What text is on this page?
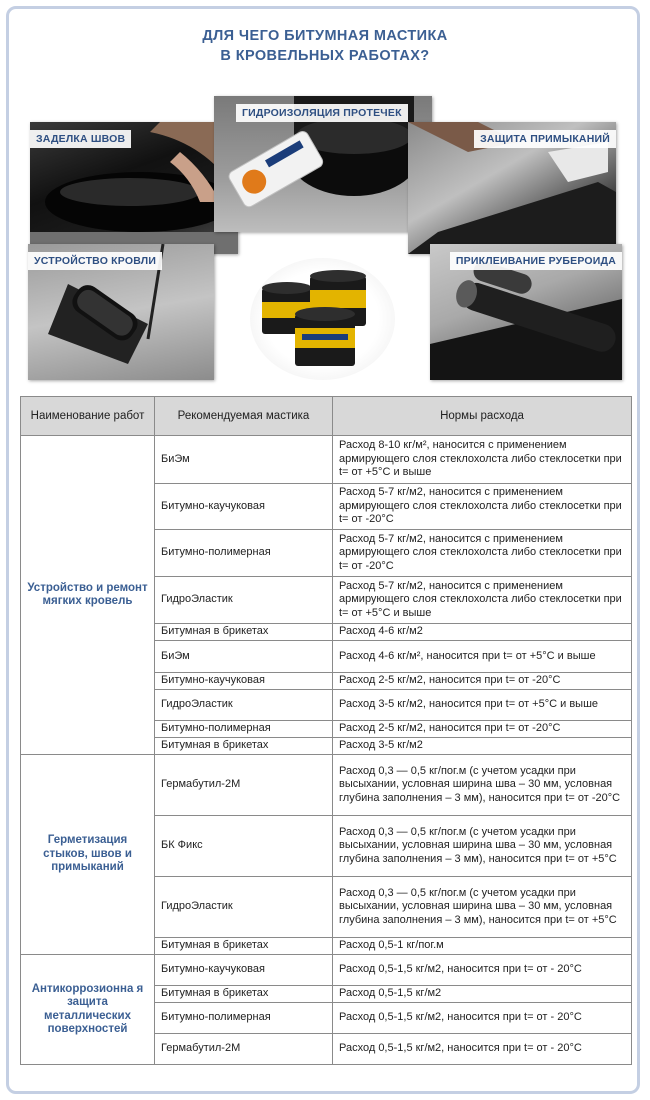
ДЛЯ ЧЕГО БИТУМНАЯ МАСТИКА
В КРОВЕЛЬНЫХ РАБОТАХ?
ЗАДЕЛКА ШВОВ
ГИДРОИЗОЛЯЦИЯ ПРОТЕЧЕК
ЗАЩИТА ПРИМЫКАНИЙ
УСТРОЙСТВО КРОВЛИ	ПРИКЛЕИВАНИЕ РУБЕРОИДА
Наименование работ	Рекомендуемая мастика	Нормы расхода
Устройство и ремонт мягких кровель	БиЭм	Расход 8-10 кг/м², наносится с применением армирующего слоя стеклохолста либо стеклосетки при t= от +5°С и выше
	Битумно-каучуковая	Расход 5-7 кг/м2, наносится с применением армирующего слоя стеклохолста либо стеклосетки при t= от -20°С
	Битумно-полимерная	Расход 5-7 кг/м2, наносится с применением армирующего слоя стеклохолста либо стеклосетки при t= от -20°С
	ГидроЭластик	Расход 5-7 кг/м2, наносится с применением армирующего слоя стеклохолста либо стеклосетки при t= от +5°С и выше
	Битумная в брикетах	Расход 4-6 кг/м2
	БиЭм	Расход 4-6 кг/м², наносится при t= от +5°С и выше
	Битумно-каучуковая	Расход 2-5 кг/м2, наносится при t= от -20°С
	ГидроЭластик	Расход 3-5 кг/м2, наносится при t= от +5°С и выше
	Битумно-полимерная	Расход 2-5 кг/м2, наносится при t= от -20°С
	Битумная в брикетах	Расход 3-5 кг/м2
Герметизация стыков, швов и примыканий	Гермабутил-2М	Расход 0,3 — 0,5 кг/пог.м (с учетом усадки при высыхании, условная ширина шва – 30 мм, условная глубина заполнения – 3 мм), наносится при t= от -20°С
	БК Фикс	Расход 0,3 — 0,5 кг/пог.м (с учетом усадки при высыхании, условная ширина шва – 30 мм, условная глубина заполнения – 3 мм), наносится при t= от +5°С
	ГидроЭластик	Расход 0,3 — 0,5 кг/пог.м (с учетом усадки при высыхании, условная ширина шва – 30 мм, условная глубина заполнения – 3 мм), наносится при t= от +5°С
	Битумная в брикетах	Расход 0,5-1 кг/пог.м
Антикоррозионна я защита металлических поверхностей	Битумно-каучуковая	Расход 0,5-1,5 кг/м2, наносится при t= от - 20°С
	Битумная в брикетах	Расход 0,5-1,5 кг/м2
	Битумно-полимерная	Расход 0,5-1,5 кг/м2, наносится при t= от - 20°С
	Гермабутил-2М	Расход 0,5-1,5 кг/м2, наносится при t= от - 20°С
